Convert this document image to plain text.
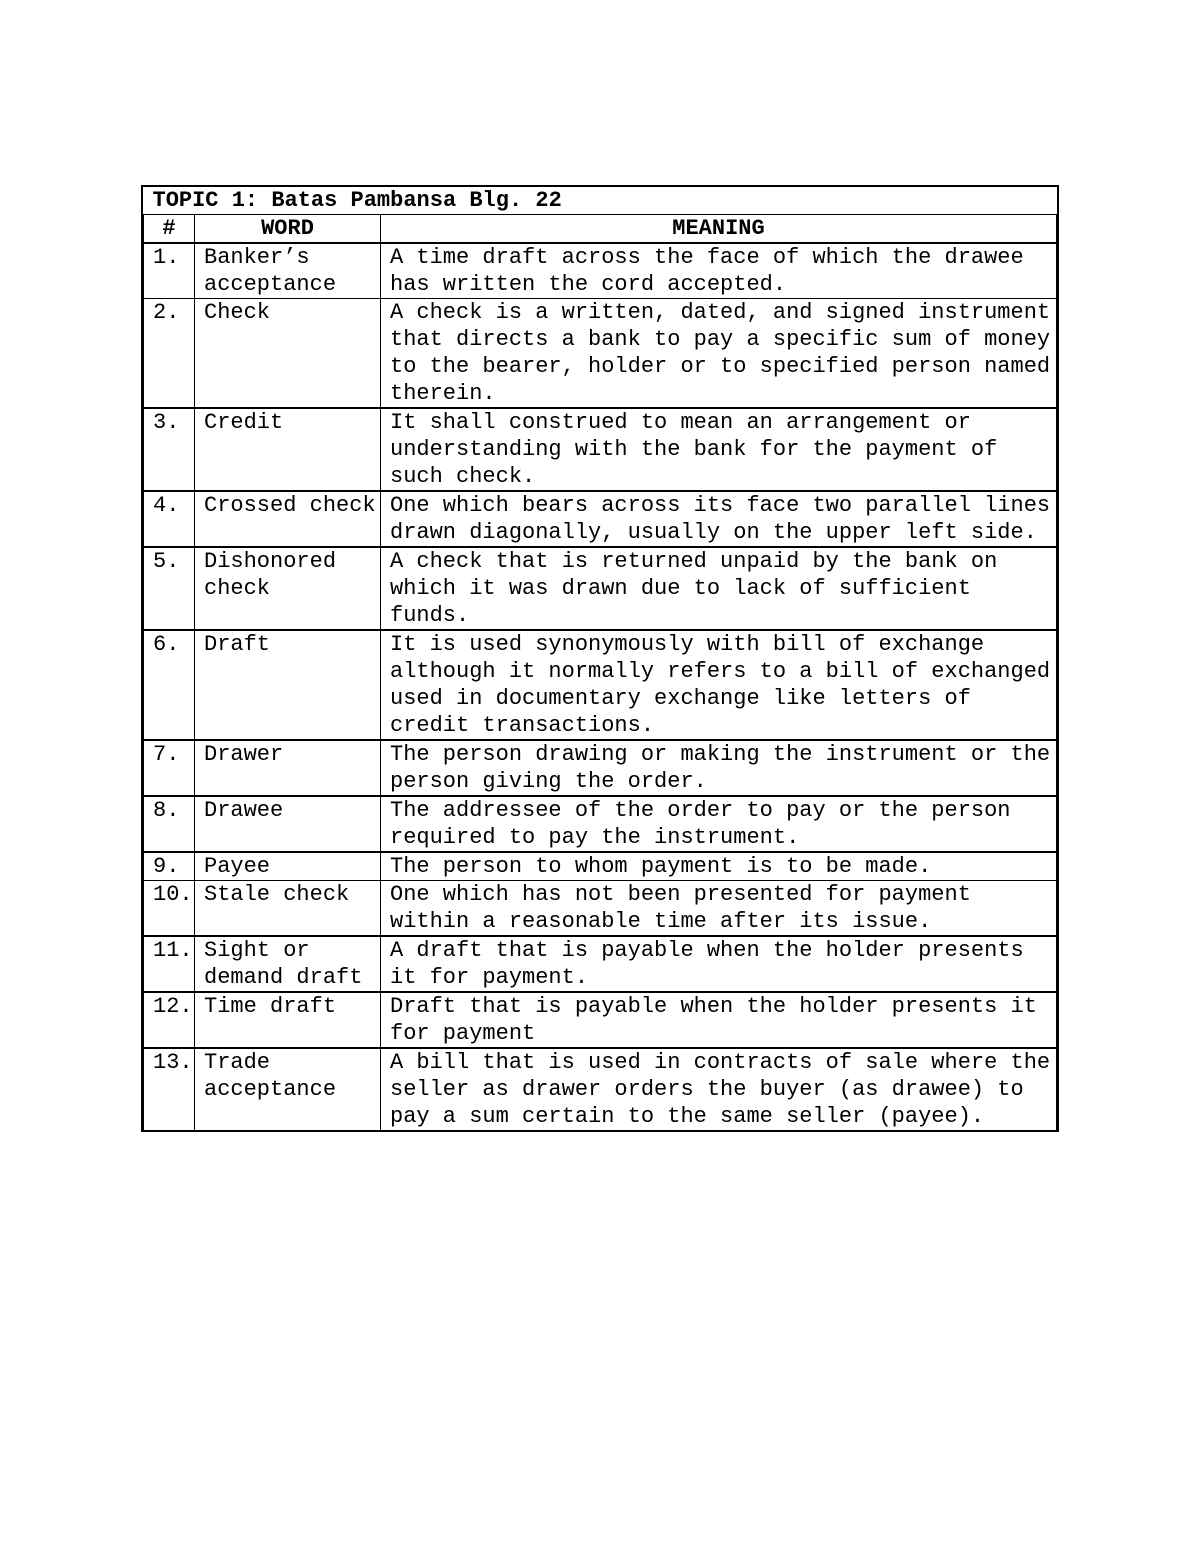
TOPIC 1: Batas Pambansa Blg. 22		
#	WORD	MEANING
1.	Banker’s acceptance	A time draft across the face of which the drawee has written the cord accepted.
2.	Check	A check is a written, dated, and signed instrument that directs a bank to pay a specific sum of money to the bearer, holder or to specified person named therein.
3.	Credit	It shall construed to mean an arrangement or understanding with the bank for the payment of such check.
4.	Crossed check	One which bears across its face two parallel lines drawn diagonally, usually on the upper left side.
5.	Dishonored check	A check that is returned unpaid by the bank on which it was drawn due to lack of sufficient funds.
6.	Draft	It is used synonymously with bill of exchange although it normally refers to a bill of exchanged used in documentary exchange like letters of credit transactions.
7.	Drawer	The person drawing or making the instrument or the person giving the order.
8.	Drawee	The addressee of the order to pay or the person required to pay the instrument.
9.	Payee	The person to whom payment is to be made.
10.	Stale check	One which has not been presented for payment within a reasonable time after its issue.
11.	Sight or demand draft	A draft that is payable when the holder presents it for payment.
12.	Time draft	Draft that is payable when the holder presents it for payment
13.	Trade acceptance	A bill that is used in contracts of sale where the seller as drawer orders the buyer (as drawee) to pay a sum certain to the same seller (payee).
